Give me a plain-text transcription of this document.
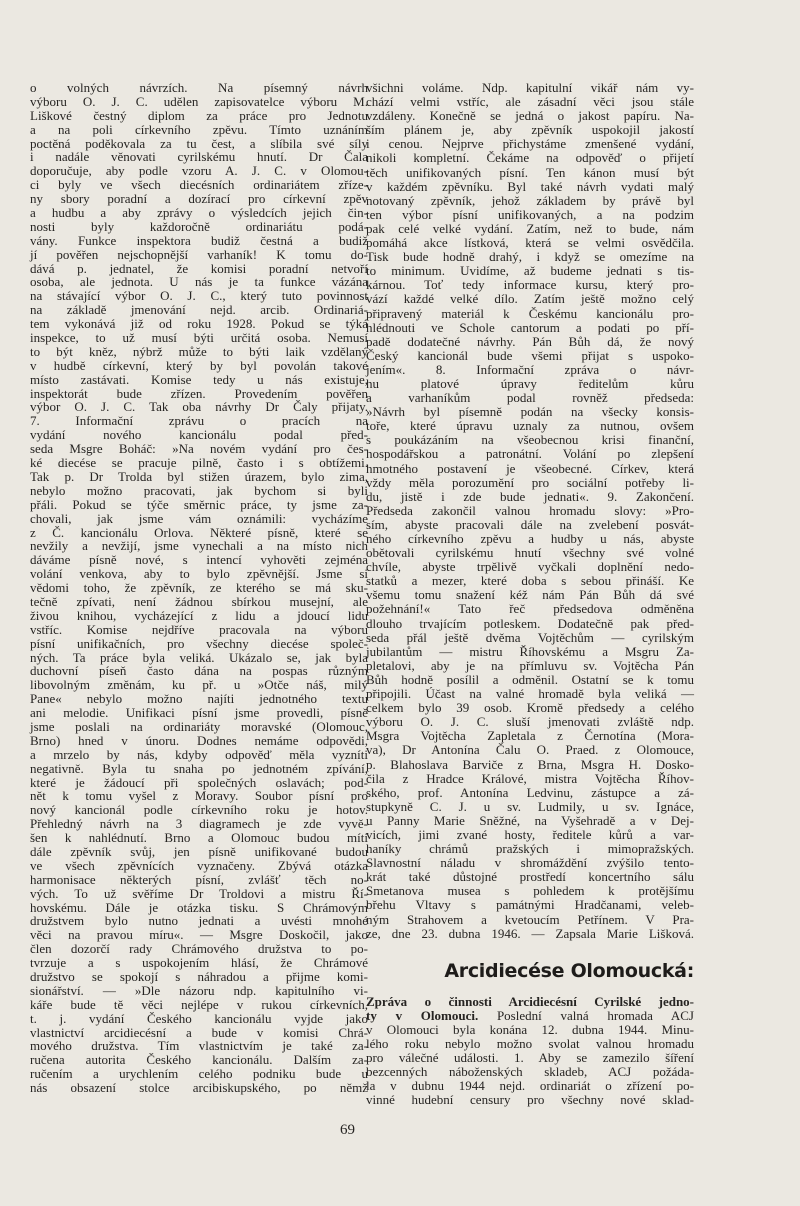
o volných návrzích. Na písemný návrh
výboru O. J. C. udělen zapisovatelce výboru M.
Liškové čestný diplom za práce pro Jednotu
a na poli církevního zpěvu. Tímto uznáním
poctěná poděkovala za tu čest, a slíbila své síly
i nadále věnovati cyrilskému hnutí. Dr Čala
doporučuje, aby podle vzoru A. J. C. v Olomou-
ci byly ve všech diecésních ordinariátem zříze-
ny sbory poradní a dozírací pro církevní zpěv
a hudbu a aby zprávy o výsledcích jejich čin-
nosti byly každoročně ordinariátu podá-
vány. Funkce inspektora budiž čestná a budiž
jí pověřen nejschopnější varhaník! K tomu do-
dává p. jednatel, že komisi poradní netvoří
osoba, ale jednota. U nás je ta funkce vázána
na stávající výbor O. J. C., který tuto povinnost
na základě jmenování nejd. arcib. Ordinariá-
tem vykonává již od roku 1928. Pokud se týká
inspekce, to už musí býti určitá osoba. Nemusí
to být kněz, nýbrž může to býti laik vzdělaný
v hudbě církevní, který by byl povolán takové
místo zastávati. Komise tedy u nás existuje,
inspektorát bude zřízen. Provedením pověřen
výbor O. J. C. Tak oba návrhy Dr Čaly přijaty.
7. Informační zprávu o pracích na
vydání nového kancionálu podal před-
seda Msgre Boháč: »Na novém vydání pro čes-
ké diecése se pracuje pilně, často i s obtížemi.
Tak p. Dr Trolda byl stižen úrazem, bylo zima,
nebylo možno pracovati, jak bychom si byli
přáli. Pokud se týče směrnic práce, ty jsme za-
chovali, jak jsme vám oznámili: vycházíme
z Č. kancionálu Orlova. Některé písně, které se
nevžily a nevžijí, jsme vynechali a na místo nich
dáváme písně nové, s intencí vyhověti zejména
volání venkova, aby to bylo zpěvnější. Jsme si
vědomi toho, že zpěvník, ze kterého se má sku-
tečně zpívati, není žádnou sbírkou musejní, ale
živou knihou, vycházející z lidu a jdoucí lidu
vstříc. Komise nejdříve pracovala na výboru
písní unifikačních, pro všechny diecése společ-
ných. Ta práce byla veliká. Ukázalo se, jak byla
duchovní píseň často dána na pospas různým
libovolným změnám, ku př. u »Otče náš, milý
Pane« nebylo možno najíti jednotného textu
ani melodie. Unifikaci písní jsme provedli, písně
jsme poslali na ordinariáty moravské (Olomouc,
Brno) hned v únoru. Dodnes nemáme odpovědi,
a mrzelo by nás, kdyby odpověď měla vyzníti
negativně. Byla tu snaha po jednotném zpívání,
které je žádoucí při společných oslavách; pod-
nět k tomu vyšel z Moravy. Soubor písní pro
nový kancionál podle církevního roku je hotov.
Přehledný návrh na 3 diagramech je zde vyvě-
šen k nahlédnutí. Brno a Olomouc budou míti
dále zpěvník svůj, jen písně unifikované budou
ve všech zpěvnících vyznačeny. Zbývá otázka
harmonisace některých písní, zvlášť těch no-
vých. To už svěříme Dr Troldovi a mistru Ří-
hovskému. Dále je otázka tisku. S Chrámovým
družstvem bylo nutno jednati a uvésti mnohé
věci na pravou míru«. — Msgre Doskočil, jako
člen dozorčí rady Chrámového družstva to po-
tvrzuje a s uspokojením hlásí, že Chrámové
družstvo se spokojí s náhradou a přijme komi-
sionářství. — »Dle názoru ndp. kapitulního vi-
káře bude tě věci nejlépe v rukou církevních,
t. j. vydání Českého kancionálu vyjde jako
vlastnictví arcidiecésní a bude v komisi Chrá-
mového družstva. Tím vlastnictvím je také za-
ručena autorita Českého kancionálu. Dalším za-
ručením a urychlením celého podniku bude u
nás obsazení stolce arcibiskupského, po němž
všichni voláme. Ndp. kapitulní vikář nám vy-
chází velmi vstříc, ale zásadní věci jsou stále
vzdáleny. Konečně se jedná o jakost papíru. Na-
ším plánem je, aby zpěvník uspokojil jakostí
i cenou. Nejprve přichystáme zmenšené vydání,
nikoli kompletní. Čekáme na odpověď o přijetí
těch unifikovaných písní. Ten kánon musí být
v každém zpěvníku. Byl také návrh vydati malý
notovaný zpěvník, jehož základem by právě byl
ten výbor písní unifikovaných, a na podzim
pak celé velké vydání. Zatím, než to bude, nám
pomáhá akce lístková, která se velmi osvědčila.
Tisk bude hodně drahý, i když se omezíme na
to minimum. Uvidíme, až budeme jednati s tis-
kárnou. Toť tedy informace kursu, který pro-
vází každé velké dílo. Zatím ještě možno celý
připravený materiál k Českému kancionálu pro-
hlédnouti ve Schole cantorum a podati po pří-
padě dodatečné návrhy. Pán Bůh dá, že nový
Český kancionál bude všemi přijat s uspoko-
jením«. 8. Informační zpráva o návr-
hu platové úpravy ředitelům kůru
a varhaníkům podal rovněž předseda:
»Návrh byl písemně podán na všecky konsis-
toře, které úpravu uznaly za nutnou, ovšem
s poukázáním na všeobecnou krisi finanční,
hospodářskou a patronátní. Volání po zlepšení
hmotného postavení je všeobecné. Církev, která
vždy měla porozumění pro sociální potřeby li-
du, jistě i zde bude jednati«. 9. Zakončení.
Předseda zakončil valnou hromadu slovy: »Pro-
sím, abyste pracovali dále na zvelebení posvát-
ného církevního zpěvu a hudby u nás, abyste
obětovali cyrilskému hnutí všechny své volné
chvíle, abyste trpělivě vyčkali doplnění nedo-
statků a mezer, které doba s sebou přináší. Ke
všemu tomu snažení kéž nám Pán Bůh dá své
požehnání!« Tato řeč předsedova odměněna
dlouho trvajícím potleskem. Dodatečně pak před-
seda přál ještě dvěma Vojtěchům — cyrilským
jubilantům — mistru Říhovskému a Msgru Za-
pletalovi, aby je na přímluvu sv. Vojtěcha Pán
Bůh hodně posílil a odměnil. Ostatní se k tomu
připojili. Účast na valné hromadě byla veliká —
celkem bylo 39 osob. Kromě předsedy a celého
výboru O. J. C. sluší jmenovati zvláště ndp.
Msgra Vojtěcha Zapletala z Černotína (Mora-
va), Dr Antonína Čalu O. Praed. z Olomouce,
p. Blahoslava Barviče z Brna, Msgra H. Dosko-
čila z Hradce Králové, mistra Vojtěcha Říhov-
ského, prof. Antonína Ledvinu, zástupce a zá-
stupkyně C. J. u sv. Ludmily, u sv. Ignáce,
u Panny Marie Sněžné, na Vyšehradě a v Dej-
vicích, jimi zvané hosty, ředitele kůrů a var-
haníky chrámů pražských i mimopražských.
Slavnostní náladu v shromáždění zvýšilo tento-
krát také důstojné prostředí koncertního sálu
Smetanova musea s pohledem k protějšímu
břehu Vltavy s památnými Hradčanami, veleb-
ným Strahovem a kvetoucím Petřínem. V Pra-
ze, dne 23. dubna 1946. — Zapsala Marie Lišková.
Arcidiecése Olomoucká:
Zpráva o činnosti Arcidiecésní Cyrilské jedno-
ty v Olomouci. Poslední valná hromada ACJ
v Olomouci byla konána 12. dubna 1944. Minu-
lého roku nebylo možno svolat valnou hromadu
pro válečné události. 1. Aby se zamezilo šíření
bezcenných náboženských skladeb, ACJ požáda-
la v dubnu 1944 nejd. ordinariát o zřízení po-
vinné hudební censury pro všechny nové sklad-
69
